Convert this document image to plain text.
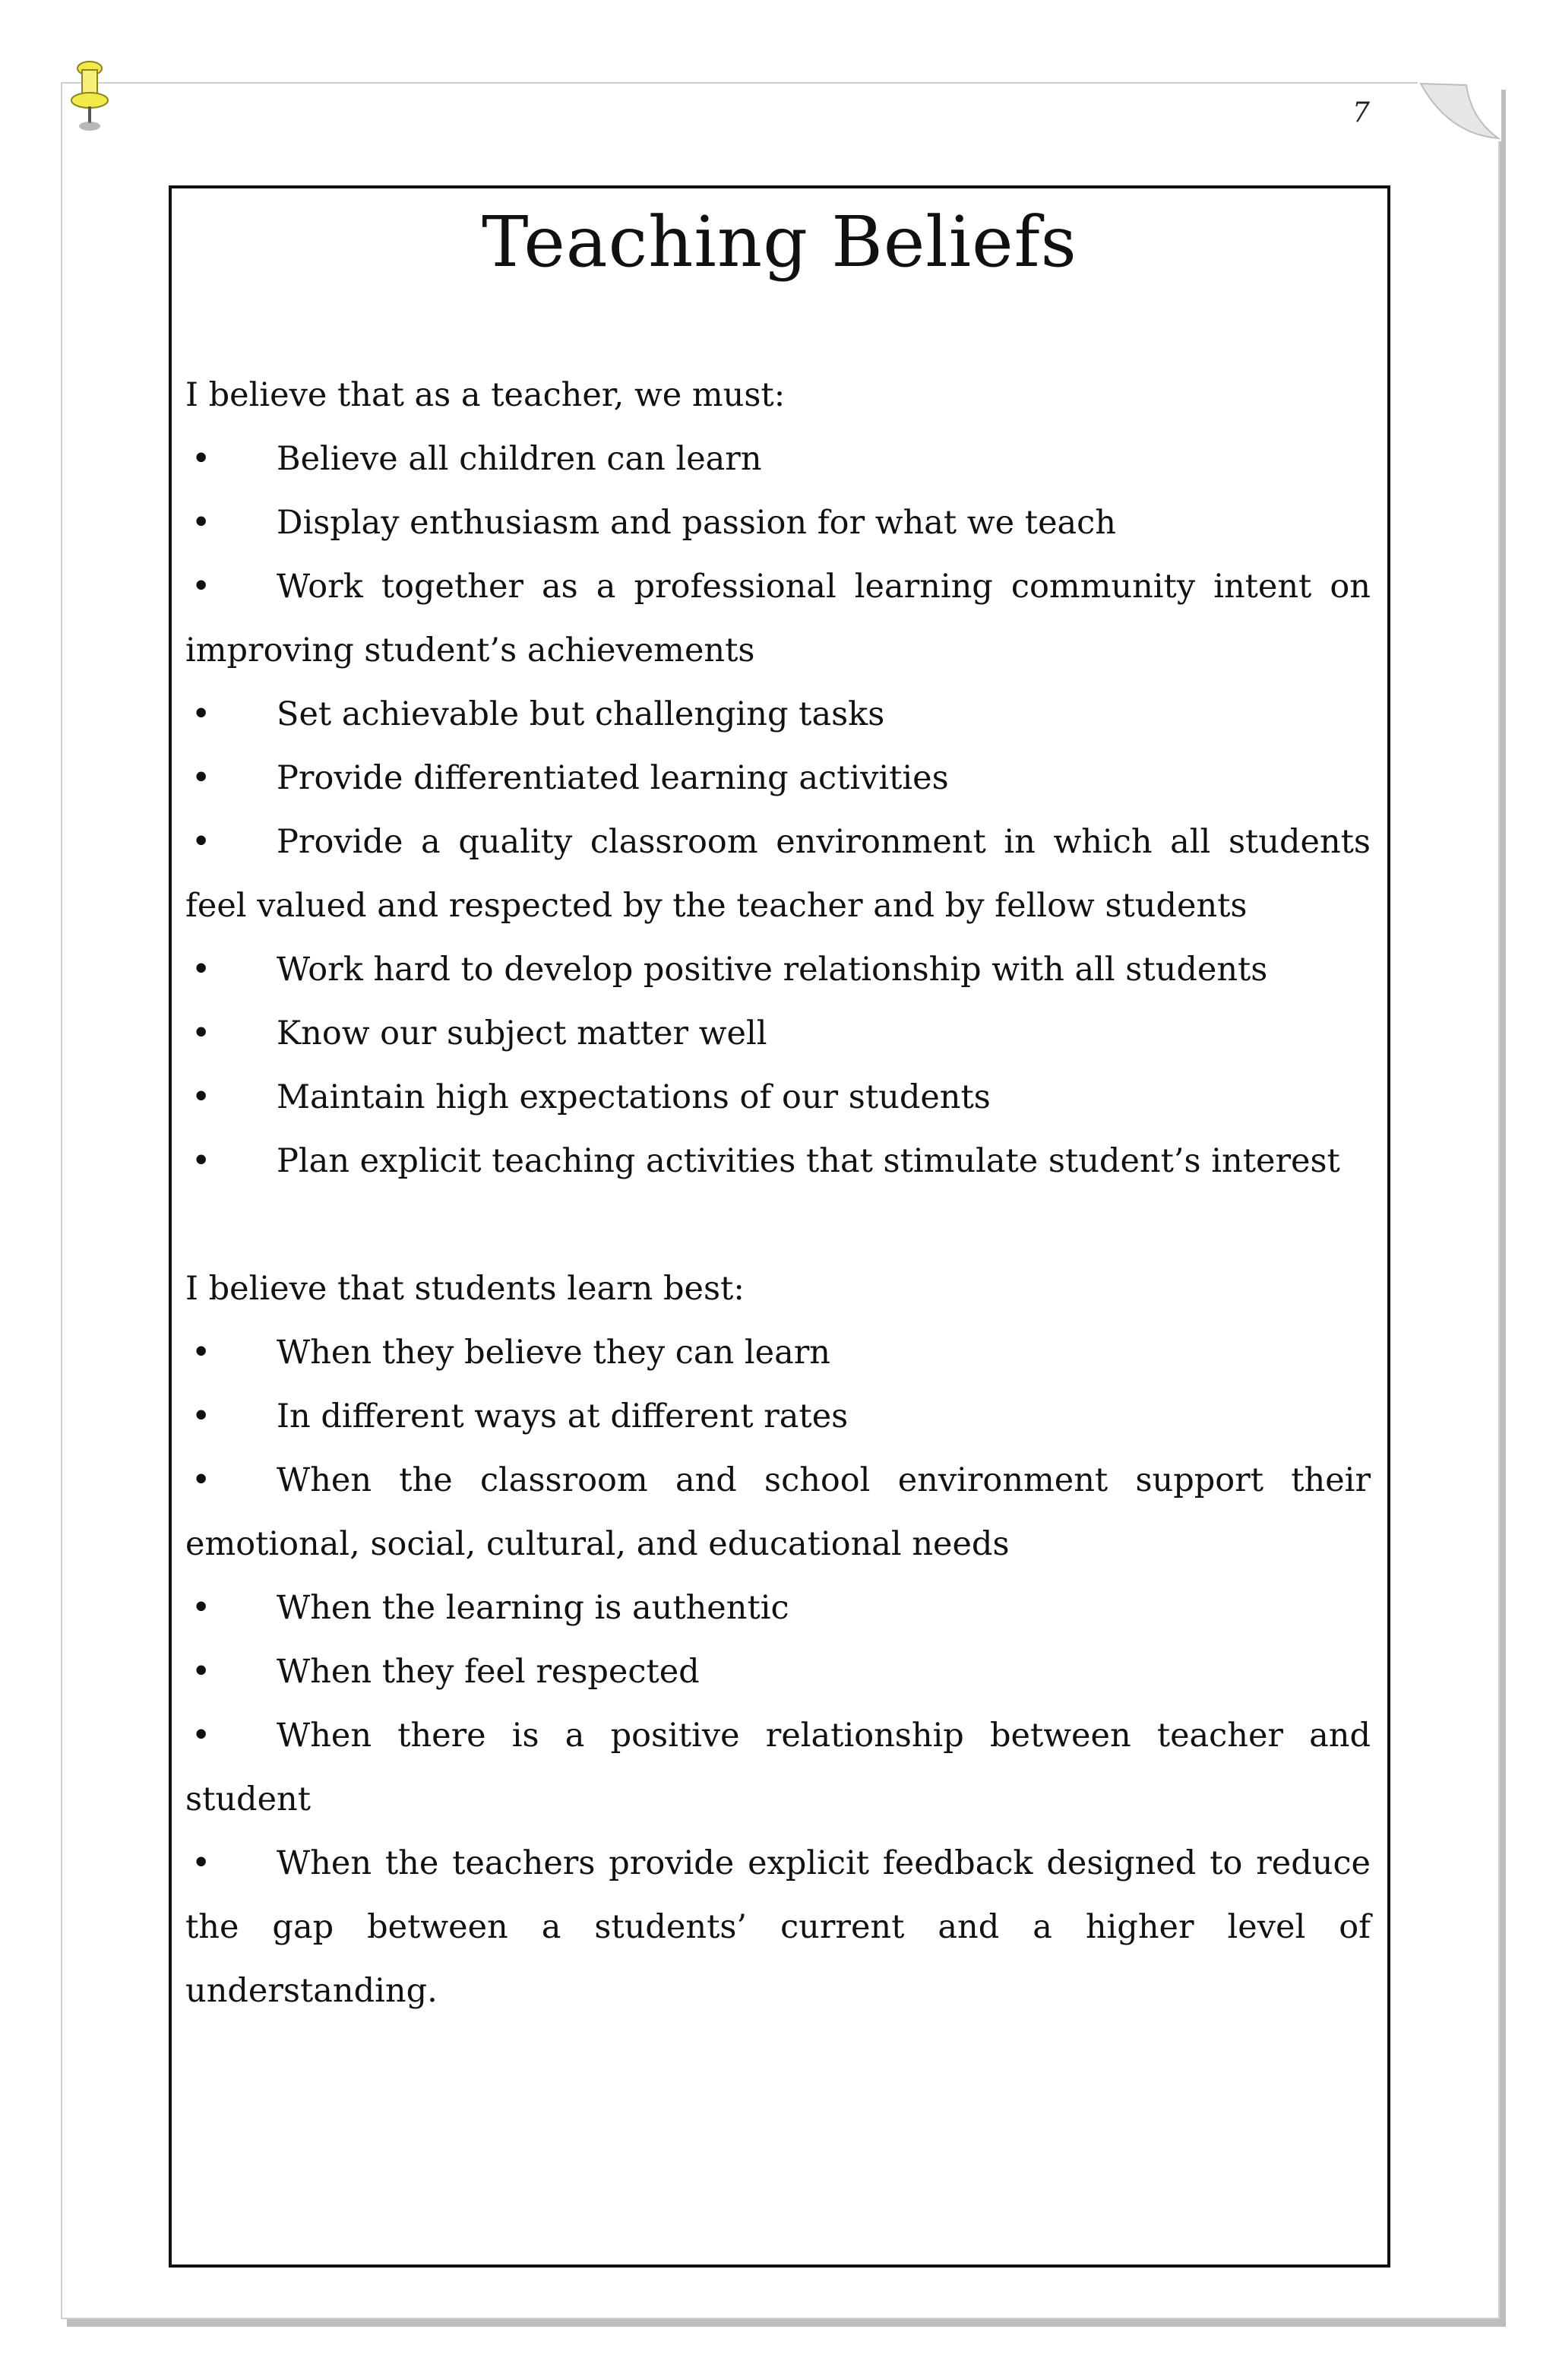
7
Teaching Beliefs

I believe that as a teacher, we must:

• Believe all children can learn
• Display enthusiasm and passion for what we teach
• Work together as a professional learning community intent on improving student’s achievements
• Set achievable but challenging tasks
• Provide differentiated learning activities
• Provide a quality classroom environment in which all students feel valued and respected by the teacher and by fellow students
• Work hard to develop positive relationship with all students
• Know our subject matter well
• Maintain high expectations of our students
• Plan explicit teaching activities that stimulate student’s interest

I believe that students learn best:

• When they believe they can learn
• In different ways at different rates
• When the classroom and school environment support their emotional, social, cultural, and educational needs
• When the learning is authentic
• When they feel respected
• When there is a positive relationship between teacher and student
• When the teachers provide explicit feedback designed to reduce the gap between a students’ current and a higher level of understanding.
